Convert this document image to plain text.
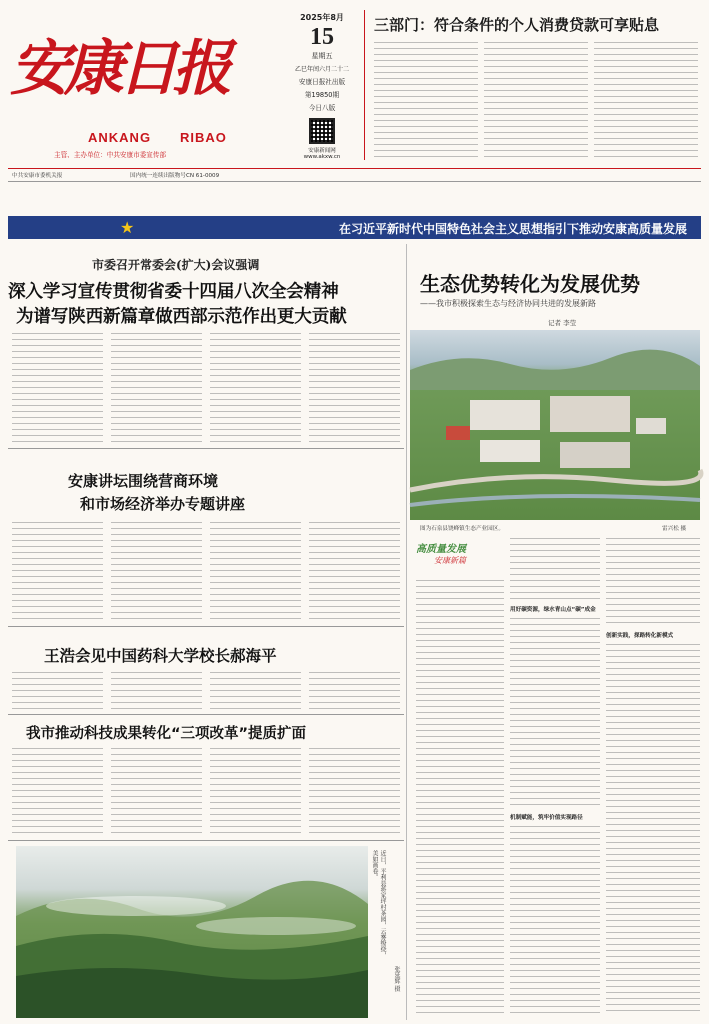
安康日报
ANKANG RIBAO
主管、主办单位：中共安康市委宣传部
2025年8月
15
星期五
乙巳年闰六月二十二
安康日报社出版
第19850期
今日八版
安康新闻网
www.akxw.cn
三部门：符合条件的个人消费贷款可享贴息
中共安康市委机关报	国内统一连续出版物号CN 61-0009
在习近平新时代中国特色社会主义思想指引下推动安康高质量发展
★
市委召开常委会(扩大)会议强调
深入学习宣传贯彻省委十四届八次全会精神
为谱写陕西新篇章做西部示范作出更大贡献
安康讲坛围绕营商环境
和市场经济举办专题讲座
王浩会见中国药科大学校长郝海平
我市推动科技成果转化“三项改革”提质扩面
近日，平利县蒋家坪村茶园，云雾缭绕，美如画卷。
张延辉 摄
生态优势转化为发展优势
——我市积极探索生态与经济协同共进的发展新路
记者 李莹
图为石泉县饶峰镇生态产业园区。	雷兴松 摄
高质量发展
安康新篇
用好碳资源，绿水青山点“碳”成金
机制赋能，筑牢价值实现路径
创新实践，探路转化新模式
